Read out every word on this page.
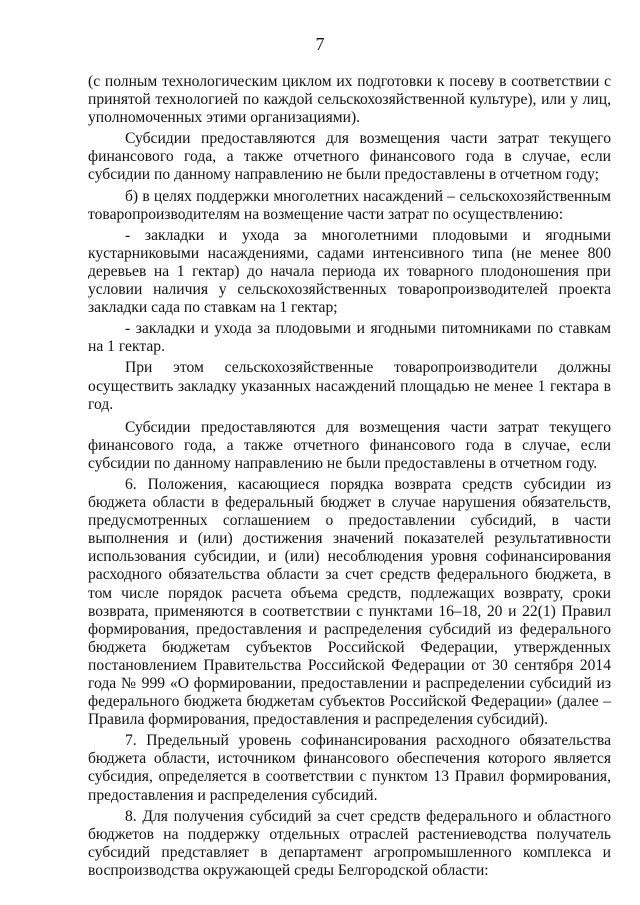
7

(с полным технологическим циклом их подготовки к посеву в соответствии с принятой технологией по каждой сельскохозяйственной культуре), или у лиц, уполномоченных этими организациями).

Субсидии предоставляются для возмещения части затрат текущего финансового года, а также отчетного финансового года в случае, если субсидии по данному направлению не были предоставлены в отчетном году;

б) в целях поддержки многолетних насаждений – сельскохозяйственным товаропроизводителям на возмещение части затрат по осуществлению:

- закладки и ухода за многолетними плодовыми и ягодными кустарниковыми насаждениями, садами интенсивного типа (не менее 800 деревьев на 1 гектар) до начала периода их товарного плодоношения при условии наличия у сельскохозяйственных товаропроизводителей проекта закладки сада по ставкам на 1 гектар;

- закладки и ухода за плодовыми и ягодными питомниками по ставкам на 1 гектар.

При этом сельскохозяйственные товаропроизводители должны осуществить закладку указанных насаждений площадью не менее 1 гектара в год.

Субсидии предоставляются для возмещения части затрат текущего финансового года, а также отчетного финансового года в случае, если субсидии по данному направлению не были предоставлены в отчетном году.

6. Положения, касающиеся порядка возврата средств субсидии из бюджета области в федеральный бюджет в случае нарушения обязательств, предусмотренных соглашением о предоставлении субсидий, в части выполнения и (или) достижения значений показателей результативности использования субсидии, и (или) несоблюдения уровня софинансирования расходного обязательства области за счет средств федерального бюджета, в том числе порядок расчета объема средств, подлежащих возврату, сроки возврата, применяются в соответствии с пунктами 16–18, 20 и 22(1) Правил формирования, предоставления и распределения субсидий из федерального бюджета бюджетам субъектов Российской Федерации, утвержденных постановлением Правительства Российской Федерации от 30 сентября 2014 года № 999 «О формировании, предоставлении и распределении субсидий из федерального бюджета бюджетам субъектов Российской Федерации» (далее – Правила формирования, предоставления и распределения субсидий).

7. Предельный уровень софинансирования расходного обязательства бюджета области, источником финансового обеспечения которого является субсидия, определяется в соответствии с пунктом 13 Правил формирования, предоставления и распределения субсидий.

8. Для получения субсидий за счет средств федерального и областного бюджетов на поддержку отдельных отраслей растениеводства получатель субсидий представляет в департамент агропромышленного комплекса и воспроизводства окружающей среды Белгородской области:
